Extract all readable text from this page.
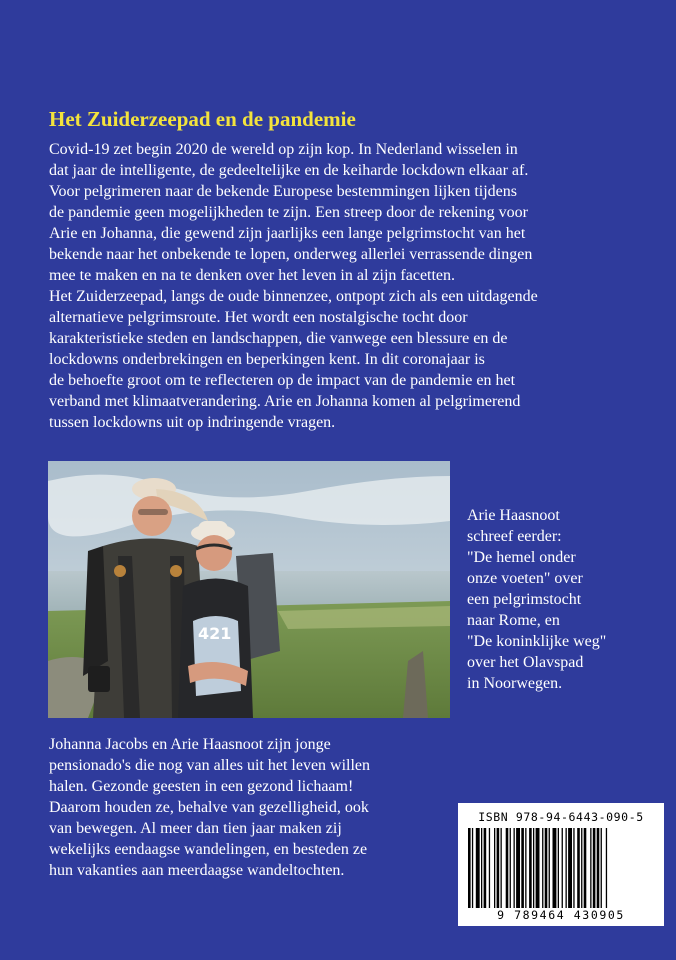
Het Zuiderzeepad en de pandemie

Covid-19 zet begin 2020 de wereld op zijn kop. In Nederland wisselen in

dat jaar de intelligente, de gedeeltelijke en de keiharde lockdown elkaar af.

Voor pelgrimeren naar de bekende Europese bestemmingen lijken tijdens

de pandemie geen mogelijkheden te zijn. Een streep door de rekening voor

Arie en Johanna, die gewend zijn jaarlijks een lange pelgrimstocht van het

bekende naar het onbekende te lopen, onderweg allerlei verrassende dingen

mee te maken en na te denken over het leven in al zijn facetten.

Het Zuiderzeepad, langs de oude binnenzee, ontpopt zich als een uitdagende

alternatieve pelgrimsroute. Het wordt een nostalgische tocht door

karakteristieke steden en landschappen, die vanwege een blessure en de

lockdowns onderbrekingen en beperkingen kent. In dit coronajaar is

de behoefte groot om te reflecteren op de impact van de pandemie en het

verband met klimaatverandering. Arie en Johanna komen al pelgrimerend

tussen lockdowns uit op indringende vragen.

421

Arie Haasnoot

schreef eerder:

"De hemel onder

onze voeten" over

een pelgrimstocht

naar Rome, en

"De koninklijke weg"

over het Olavspad

in Noorwegen.

Johanna Jacobs en Arie Haasnoot zijn jonge

pensionado's die nog van alles uit het leven willen

halen. Gezonde geesten in een gezond lichaam!

Daarom houden ze, behalve van gezelligheid, ook

van bewegen. Al meer dan tien jaar maken zij

wekelijks eendaagse wandelingen, en besteden ze

hun vakanties aan meerdaagse wandeltochten.

ISBN 978-94-6443-090-5
9 789464 430905
